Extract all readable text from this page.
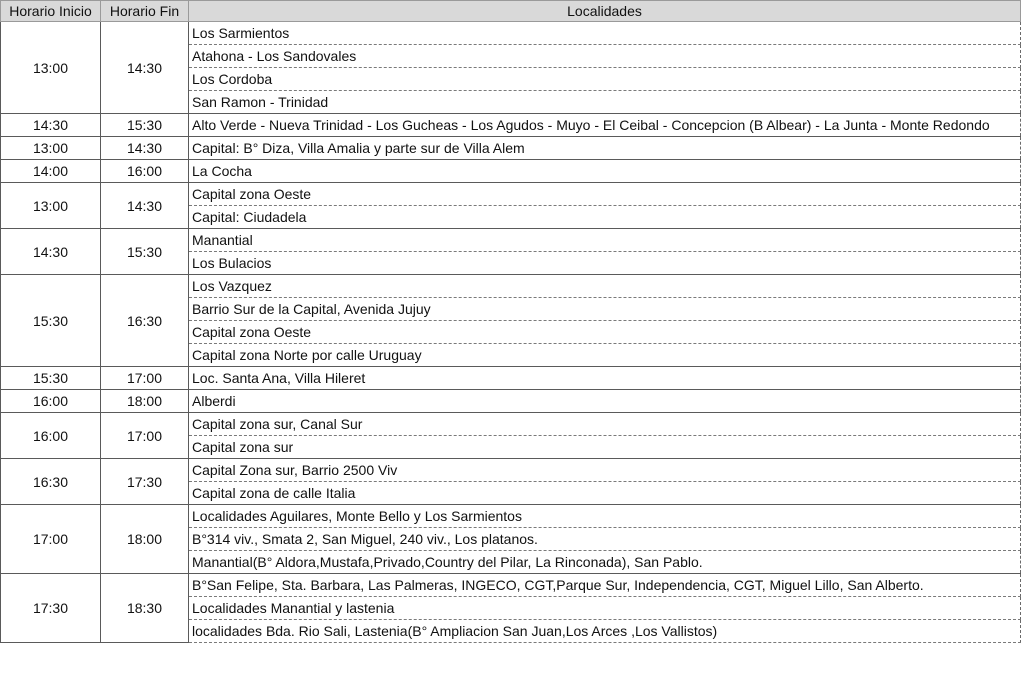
Horario Inicio	Horario Fin	Localidades
13:00	14:30	Los Sarmientos
		Atahona - Los Sandovales
		Los Cordoba
		San Ramon - Trinidad
14:30	15:30	Alto Verde - Nueva Trinidad - Los Gucheas - Los Agudos - Muyo - El Ceibal - Concepcion (B Albear) - La Junta - Monte Redondo
13:00	14:30	Capital: B° Diza, Villa Amalia y parte sur de Villa Alem
14:00	16:00	La Cocha
13:00	14:30	Capital zona Oeste
		Capital: Ciudadela
14:30	15:30	Manantial
		Los Bulacios
15:30	16:30	Los Vazquez
		Barrio Sur de la Capital, Avenida Jujuy
		Capital zona Oeste
		Capital zona Norte por calle Uruguay
15:30	17:00	Loc. Santa Ana, Villa Hileret
16:00	18:00	Alberdi
16:00	17:00	Capital zona sur, Canal Sur
		Capital zona sur
16:30	17:30	Capital Zona sur, Barrio 2500 Viv
		Capital zona de calle Italia
17:00	18:00	Localidades Aguilares, Monte Bello y Los Sarmientos
		B°314 viv., Smata 2, San Miguel, 240 viv., Los platanos.
		Manantial(B° Aldora,Mustafa,Privado,Country del Pilar, La Rinconada), San Pablo.
17:30	18:30	B°San Felipe, Sta. Barbara, Las Palmeras, INGECO, CGT,Parque Sur, Independencia, CGT, Miguel Lillo, San Alberto.
		Localidades Manantial y lastenia
		localidades Bda. Rio Sali, Lastenia(B° Ampliacion San Juan,Los Arces ,Los Vallistos)
